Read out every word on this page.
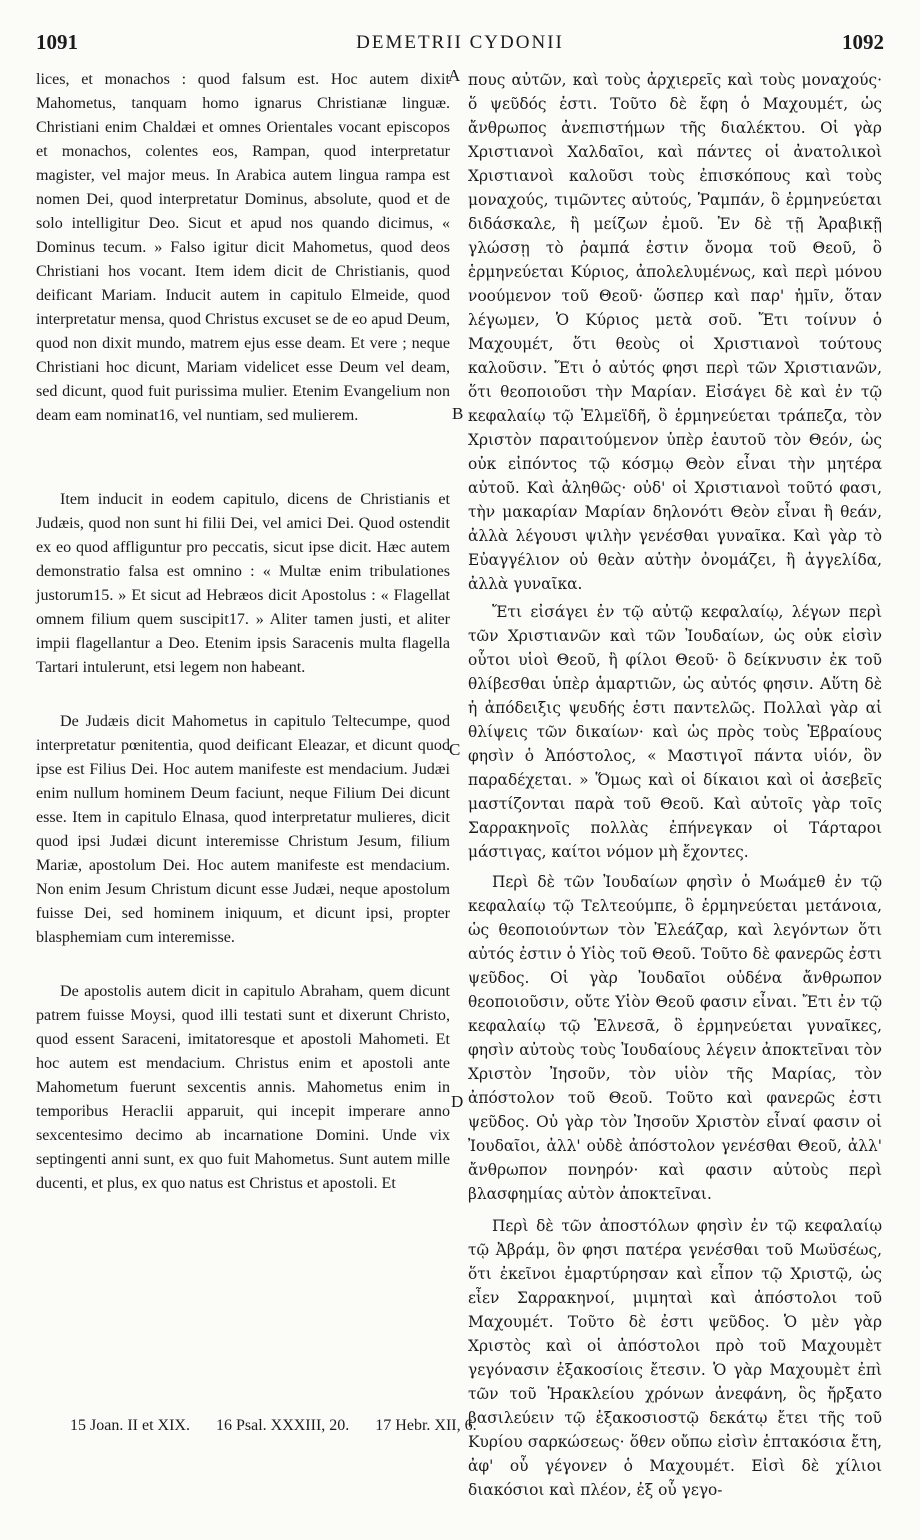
1091	DEMETRII CYDONII	1092

lices, et monachos : quod falsum est. Hoc autem dixit Mahometus, tanquam homo ignarus Christianæ linguæ. Christiani enim Chaldæi et omnes Orientales vocant episcopos et monachos, colentes eos, Rampan, quod interpretatur magister, vel major meus. In Arabica autem lingua rampa est nomen Dei, quod interpretatur Dominus, absolute, quod et de solo intelligitur Deo. Sicut et apud nos quando dicimus, « Dominus tecum. » Falso igitur dicit Mahometus, quod deos Christiani hos vocant. Item idem dicit de Christianis, quod deificant Mariam. Inducit autem in capitulo Elmeide, quod interpretatur mensa, quod Christus excuset se de eo apud Deum, quod non dixit mundo, matrem ejus esse deam. Et vere ; neque Christiani hoc dicunt, Mariam videlicet esse Deum vel deam, sed dicunt, quod fuit purissima mulier. Etenim Evangelium non deam eam nominat16, vel nuntiam, sed mulierem.

Item inducit in eodem capitulo, dicens de Christianis et Judæis, quod non sunt hi filii Dei, vel amici Dei. Quod ostendit ex eo quod affliguntur pro peccatis, sicut ipse dicit. Hæc autem demonstratio falsa est omnino : « Multæ enim tribulationes justorum15. » Et sicut ad Hebræos dicit Apostolus : « Flagellat omnem filium quem suscipit17. » Aliter tamen justi, et aliter impii flagellantur a Deo. Etenim ipsis Saracenis multa flagella Tartari intulerunt, etsi legem non habeant.

De Judæis dicit Mahometus in capitulo Teltecumpe, quod interpretatur pœnitentia, quod deificant Eleazar, et dicunt quod ipse est Filius Dei. Hoc autem manifeste est mendacium. Judæi enim nullum hominem Deum faciunt, neque Filium Dei dicunt esse. Item in capitulo Elnasa, quod interpretatur mulieres, dicit quod ipsi Judæi dicunt interemisse Christum Jesum, filium Mariæ, apostolum Dei. Hoc autem manifeste est mendacium. Non enim Jesum Christum dicunt esse Judæi, neque apostolum fuisse Dei, sed hominem iniquum, et dicunt ipsi, propter blasphemiam cum interemisse.

De apostolis autem dicit in capitulo Abraham, quem dicunt patrem fuisse Moysi, quod illi testati sunt et dixerunt Christo, quod essent Saraceni, imitatoresque et apostoli Mahometi. Et hoc autem est mendacium. Christus enim et apostoli ante Mahometum fuerunt sexcentis annis. Mahometus enim in temporibus Heraclii apparuit, qui incepit imperare anno sexcentesimo decimo ab incarnatione Domini. Unde vix septingenti anni sunt, ex quo fuit Mahometus. Sunt autem mille ducenti, et plus, ex quo natus est Christus et apostoli. Et

A
B
C
D

πους αὐτῶν, καὶ τοὺς ἀρχιερεῖς καὶ τοὺς μοναχούς· ὅ ψεῦδός ἐστι. Τοῦτο δὲ ἔφη ὁ Μαχουμέτ, ὡς ἄνθρωπος ἀνεπιστήμων τῆς διαλέκτου. Οἱ γὰρ Χριστιανοὶ Χαλδαῖοι, καὶ πάντες οἱ ἀνατολικοὶ Χριστιανοὶ καλοῦσι τοὺς ἐπισκόπους καὶ τοὺς μοναχούς, τιμῶντες αὐτούς, Ῥαμπάν, ὃ ἑρμηνεύεται διδάσκαλε, ἢ μείζων ἐμοῦ. Ἐν δὲ τῇ Ἀραβικῇ γλώσσῃ τὸ ῥαμπά ἐστιν ὄνομα τοῦ Θεοῦ, ὃ ἑρμηνεύεται Κύριος, ἀπολελυμένως, καὶ περὶ μόνου νοούμενον τοῦ Θεοῦ· ὥσπερ καὶ παρ' ἡμῖν, ὅταν λέγωμεν, Ὁ Κύριος μετὰ σοῦ. Ἔτι τοίνυν ὁ Μαχουμέτ, ὅτι θεοὺς οἱ Χριστιανοὶ τούτους καλοῦσιν. Ἔτι ὁ αὐτός φησι περὶ τῶν Χριστιανῶν, ὅτι θεοποιοῦσι τὴν Μαρίαν. Εἰσάγει δὲ καὶ ἐν τῷ κεφαλαίῳ τῷ Ἐλμεϊδῆ, ὃ ἑρμηνεύεται τράπεζα, τὸν Χριστὸν παραιτούμενον ὑπὲρ ἑαυτοῦ τὸν Θεόν, ὡς οὐκ εἰπόντος τῷ κόσμῳ Θεὸν εἶναι τὴν μητέρα αὐτοῦ. Καὶ ἀληθῶς· οὐδ' οἱ Χριστιανοὶ τοῦτό φασι, τὴν μακαρίαν Μαρίαν δηλονότι Θεὸν εἶναι ἢ θεάν, ἀλλὰ λέγουσι ψιλὴν γενέσθαι γυναῖκα. Καὶ γὰρ τὸ Εὐαγγέλιον οὐ θεὰν αὐτὴν ὀνομάζει, ἢ ἀγγελίδα, ἀλλὰ γυναῖκα.

Ἔτι εἰσάγει ἐν τῷ αὐτῷ κεφαλαίῳ, λέγων περὶ τῶν Χριστιανῶν καὶ τῶν Ἰουδαίων, ὡς οὐκ εἰσὶν οὗτοι υἱοὶ Θεοῦ, ἢ φίλοι Θεοῦ· ὃ δείκνυσιν ἐκ τοῦ θλίβεσθαι ὑπὲρ ἁμαρτιῶν, ὡς αὐτός φησιν. Αὕτη δὲ ἡ ἀπόδειξις ψευδής ἐστι παντελῶς. Πολλαὶ γὰρ αἱ θλίψεις τῶν δικαίων· καὶ ὡς πρὸς τοὺς Ἑβραίους φησὶν ὁ Ἀπόστολος, « Μαστιγοῖ πάντα υἱόν, ὃν παραδέχεται. » Ὅμως καὶ οἱ δίκαιοι καὶ οἱ ἀσεβεῖς μαστίζονται παρὰ τοῦ Θεοῦ. Καὶ αὐτοῖς γὰρ τοῖς Σαρρακηνοῖς πολλὰς ἐπήνεγκαν οἱ Τάρταροι μάστιγας, καίτοι νόμον μὴ ἔχοντες.

Περὶ δὲ τῶν Ἰουδαίων φησὶν ὁ Μωάμεθ ἐν τῷ κεφαλαίῳ τῷ Τελτεούμπε, ὃ ἑρμηνεύεται μετάνοια, ὡς θεοποιούντων τὸν Ἐλεάζαρ, καὶ λεγόντων ὅτι αὐτός ἐστιν ὁ Υἱὸς τοῦ Θεοῦ. Τοῦτο δὲ φανερῶς ἐστι ψεῦδος. Οἱ γὰρ Ἰουδαῖοι οὐδένα ἄνθρωπον θεοποιοῦσιν, οὔτε Υἱὸν Θεοῦ φασιν εἶναι. Ἔτι ἐν τῷ κεφαλαίῳ τῷ Ἐλνεσᾶ, ὃ ἑρμηνεύεται γυναῖκες, φησὶν αὐτοὺς τοὺς Ἰουδαίους λέγειν ἀποκτεῖναι τὸν Χριστὸν Ἰησοῦν, τὸν υἱὸν τῆς Μαρίας, τὸν ἀπόστολον τοῦ Θεοῦ. Τοῦτο καὶ φανερῶς ἐστι ψεῦδος. Οὐ γὰρ τὸν Ἰησοῦν Χριστὸν εἶναί φασιν οἱ Ἰουδαῖοι, ἀλλ' οὐδὲ ἀπόστολον γενέσθαι Θεοῦ, ἀλλ' ἄνθρωπον πονηρόν· καὶ φασιν αὐτοὺς περὶ βλασφημίας αὐτὸν ἀποκτεῖναι.

Περὶ δὲ τῶν ἀποστόλων φησὶν ἐν τῷ κεφαλαίῳ τῷ Ἀβράμ, ὃν φησι πατέρα γενέσθαι τοῦ Μωϋσέως, ὅτι ἐκεῖνοι ἐμαρτύρησαν καὶ εἶπον τῷ Χριστῷ, ὡς εἶεν Σαρρακηνοί, μιμηταὶ καὶ ἀπόστολοι τοῦ Μαχουμέτ. Τοῦτο δὲ ἐστι ψεῦδος. Ὁ μὲν γὰρ Χριστὸς καὶ οἱ ἀπόστολοι πρὸ τοῦ Μαχουμὲτ γεγόνασιν ἑξακοσίοις ἔτεσιν. Ὁ γὰρ Μαχουμὲτ ἐπὶ τῶν τοῦ Ἡρακλείου χρόνων ἀνεφάνη, ὃς ἤρξατο βασιλεύειν τῷ ἑξακοσιοστῷ δεκάτῳ ἔτει τῆς τοῦ Κυρίου σαρκώσεως· ὅθεν οὔπω εἰσὶν ἑπτακόσια ἔτη, ἀφ' οὗ γέγονεν ὁ Μαχουμέτ. Εἰσὶ δὲ χίλιοι διακόσιοι καὶ πλέον, ἐξ οὗ γεγο-

15 Joan. II et XIX. 16 Psal. XXXIII, 20. 17 Hebr. XII, 6.
